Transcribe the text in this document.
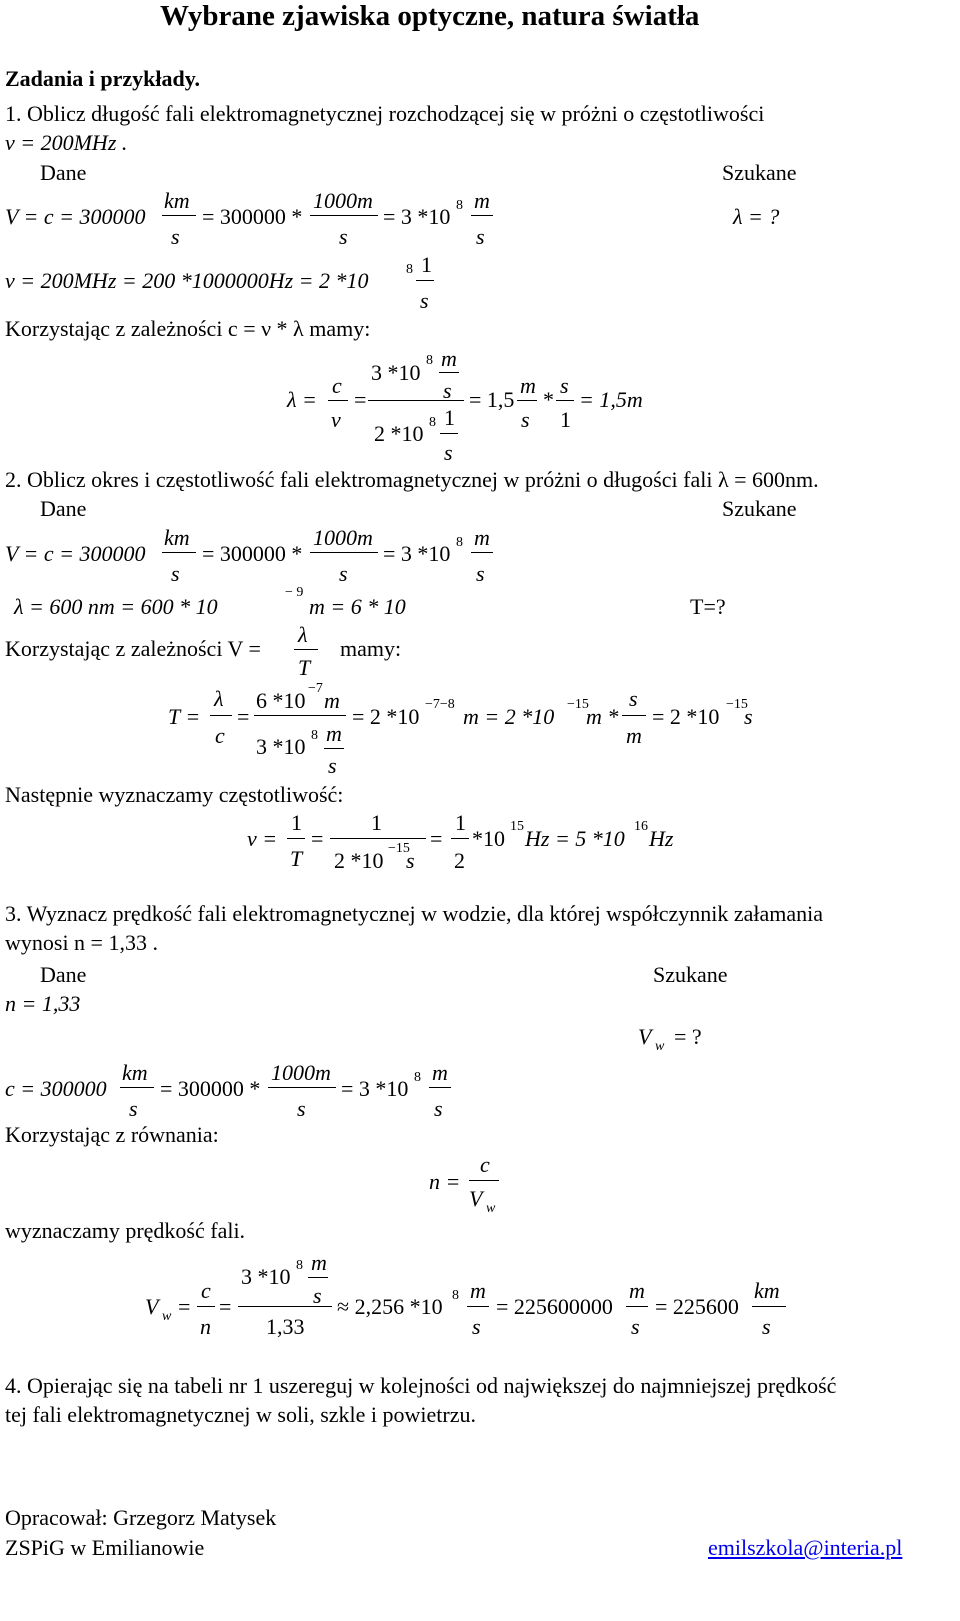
Wybrane zjawiska optyczne, natura światła
Zadania i przykłady.
1. Oblicz długość fali elektromagnetycznej rozchodzącej się w próżni o częstotliwości
ν = 200MHz .
Dane	Szukane
V = c = 300000
km
s
= 300000 *
1000m
s
= 3 *10 8 m
s
λ = ?
ν = 200MHz = 200 *1000000Hz = 2 *10	8 1
s
Korzystając z zależności c = ν * λ mamy:
λ =
c
ν
=
3 *10 8 m
s
1
2 *10 8
s
= 1,5
m
s
*
s
1
= 1,5m
2. Oblicz okres i częstotliwość fali elektromagnetycznej w próżni o długości fali λ = 600nm.
Dane	Szukane
V = c = 300000
km
s
= 300000 *
1000m
s
= 3 *10 8 m
s
λ = 600 nm = 600 * 10
− 9
m = 6 * 10	T=?
Korzystając z zależności V =
λ
T
mamy:
T =
λ
c
=
6 *10 −7 m
3 *10 8 m
s
= 2 *10 −7−8 m = 2 *10 −15
m *
s
m
= 2 *10 −15
s
Następnie wyznaczamy częstotliwość:
ν =
1
T
=
1
2 *10 −15
s
=
1
2
*10 15 Hz = 5 *10 16 Hz
3. Wyznacz prędkość fali elektromagnetycznej w wodzie, dla której współczynnik załamania
wynosi n = 1,33 .
Dane	Szukane
n = 1,33
V w = ?
c = 300000
km
s
= 300000 *
1000m
s
= 3 *10 8 m
s
Korzystając z równania:
n =
c
V w
wyznaczamy prędkość fali.
V w =
c
n
=
3 *10 8 m
s
1,33
≈ 2,256 *10 8 m
s
= 225600000
m
s
= 225600
km
s
4. Opierając się na tabeli nr 1 uszereguj w kolejności od największej do najmniejszej prędkość
tej fali elektromagnetycznej w soli, szkle i powietrzu.
Opracował: Grzegorz Matysek
ZSPiG w Emilianowie	emilszkola@interia.pl
